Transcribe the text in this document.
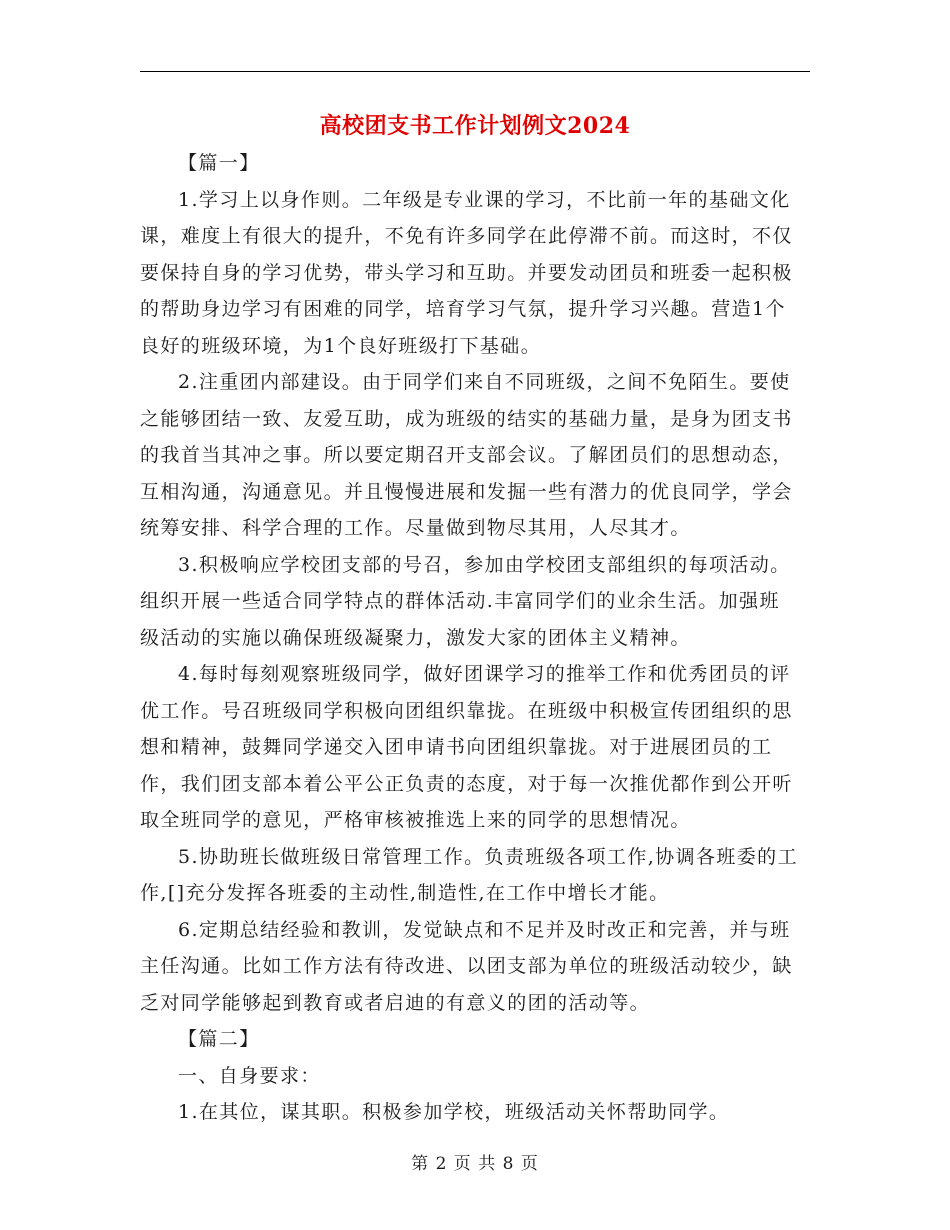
高校团支书工作计划例文2024

【篇一】

1.学习上以身作则。二年级是专业课的学习，不比前一年的基础文化课，难度上有很大的提升，不免有许多同学在此停滞不前。而这时，不仅要保持自身的学习优势，带头学习和互助。并要发动团员和班委一起积极的帮助身边学习有困难的同学，培育学习气氛，提升学习兴趣。营造1个良好的班级环境，为1个良好班级打下基础。

2.注重团内部建设。由于同学们来自不同班级，之间不免陌生。要使之能够团结一致、友爱互助，成为班级的结实的基础力量，是身为团支书的我首当其冲之事。所以要定期召开支部会议。了解团员们的思想动态，互相沟通，沟通意见。并且慢慢进展和发掘一些有潜力的优良同学，学会统筹安排、科学合理的工作。尽量做到物尽其用，人尽其才。

3.积极响应学校团支部的号召，参加由学校团支部组织的每项活动。组织开展一些适合同学特点的群体活动.丰富同学们的业余生活。加强班级活动的实施以确保班级凝聚力，激发大家的团体主义精神。

4.每时每刻观察班级同学，做好团课学习的推举工作和优秀团员的评优工作。号召班级同学积极向团组织靠拢。在班级中积极宣传团组织的思想和精神，鼓舞同学递交入团申请书向团组织靠拢。对于进展团员的工作，我们团支部本着公平公正负责的态度，对于每一次推优都作到公开听取全班同学的意见，严格审核被推选上来的同学的思想情况。

5.协助班长做班级日常管理工作。负责班级各项工作,协调各班委的工作,[]充分发挥各班委的主动性,制造性,在工作中增长才能。

6.定期总结经验和教训，发觉缺点和不足并及时改正和完善，并与班主任沟通。比如工作方法有待改进、以团支部为单位的班级活动较少，缺乏对同学能够起到教育或者启迪的有意义的团的活动等。

【篇二】

一、自身要求：

1.在其位，谋其职。积极参加学校，班级活动关怀帮助同学。

第 2 页 共 8 页
